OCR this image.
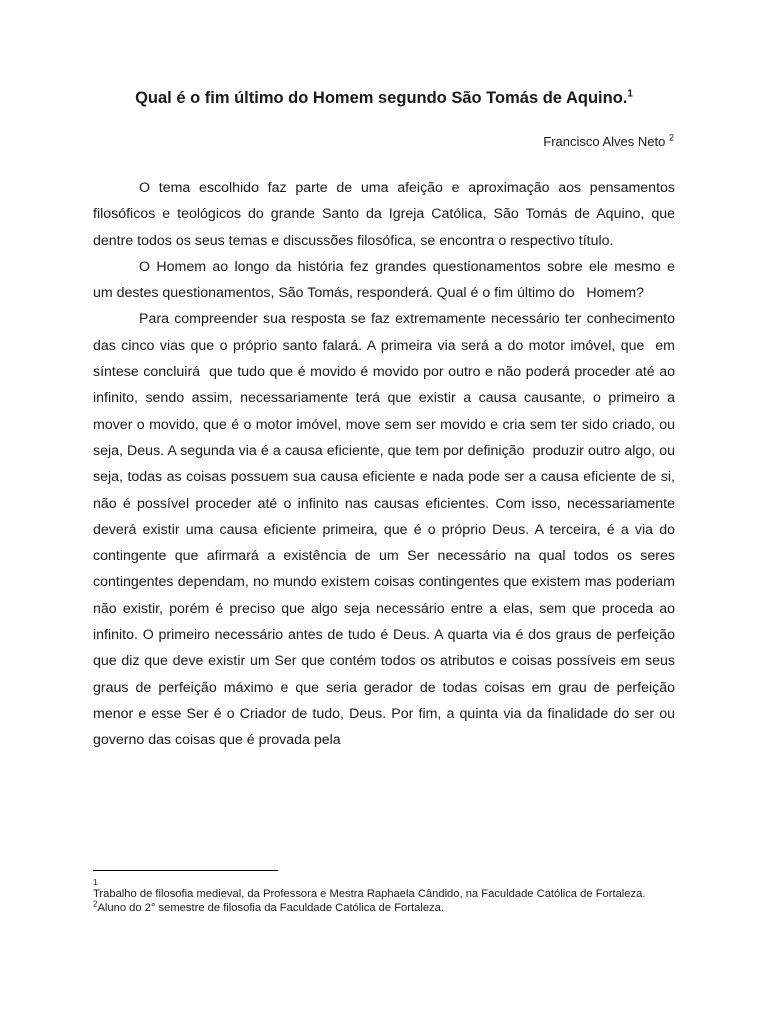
Qual é o fim último do Homem segundo São Tomás de Aquino.$^1$
Francisco Alves Neto $^2$

O tema escolhido faz parte de uma afeição e aproximação aos pensamentos filosóficos e teológicos do grande Santo da Igreja Católica, São Tomás de Aquino, que dentre todos os seus temas e discussões filosófica, se encontra o respectivo título.

O Homem ao longo da história fez grandes questionamentos sobre ele mesmo e    um destes questionamentos, São Tomás, responderá. Qual é o fim último do   Homem?

Para compreender sua resposta se faz extremamente necessário ter conhecimento das cinco vias que o próprio santo falará. A primeira via será a do motor imóvel, que  em síntese concluirá  que tudo que é movido é movido por outro e não poderá proceder até ao infinito, sendo assim, necessariamente terá que existir a causa causante, o primeiro a mover o movido, que é o motor imóvel, move sem ser movido e cria sem ter sido criado, ou seja, Deus. A segunda via é a causa eficiente, que tem por definição  produzir outro algo, ou seja, todas as coisas possuem sua causa eficiente e nada pode ser a causa eficiente de si, não é possível proceder até o infinito nas causas eficientes. Com isso, necessariamente deverá existir uma causa eficiente primeira, que é o próprio Deus. A terceira, é a via do contingente que afirmará a existência de um Ser necessário na qual todos os seres contingentes dependam, no mundo existem coisas contingentes que existem mas poderiam não existir, porém é preciso que algo seja necessário entre a elas, sem que proceda ao infinito. O primeiro necessário antes de tudo é Deus. A quarta via é dos graus de perfeição que diz que deve existir um Ser que contém todos os atributos e coisas possíveis em seus graus de perfeição máximo e que seria gerador de todas coisas em grau de perfeição menor e esse Ser é o Criador de tudo, Deus. Por fim, a quinta via da finalidade do ser ou governo das coisas que é provada pela

1

Trabalho de filosofia medieval, da Professora e Mestra Raphaela Cândido, na Faculdade Católica de Fortaleza.

$^2$Aluno do 2° semestre de filosofia da Faculdade Católica de Fortaleza.
